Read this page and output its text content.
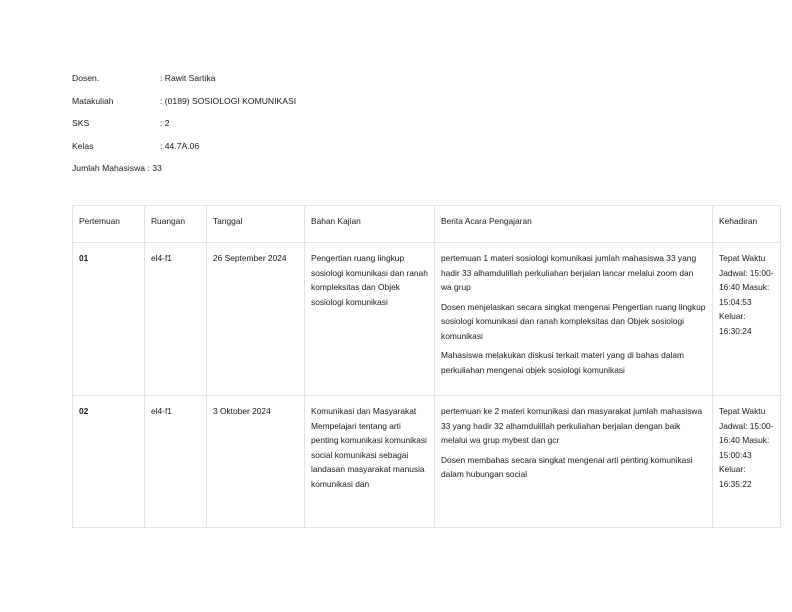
Dosen.	: Rawit Sartika
Matakuliah	: (0189) SOSIOLOGI KOMUNIKASI
SKS	: 2
Kelas	: 44.7A.06
Jumlah Mahasiswa : 33
Pertemuan	Ruangan	Tanggal	Bahan Kajian	Berita Acara Pengajaran	Kehadiran
01	el4-f1	26 September 2024	Pengertian ruang lingkup sosiologi komunikasi dan ranah kompleksitas dan Objek sosiologi komunikasi	pertemuan 1 materi sosiologi komunikasi jumlah mahasiswa 33 yang hadir 33 alhamdulillah perkuliahan berjalan lancar melalui zoom dan wa grup

Dosen menjelaskan secara singkat mengenai Pengertian ruang lingkup sosiologi komunikasi dan ranah kompleksitas dan Objek sosiologi komunikasi

Mahasiswa melakukan diskusi terkait materi yang di bahas dalam perkuliahan mengenai objek sosiologi komunikasi	Tepat Waktu Jadwal: 15:00-16:40 Masuk: 15:04:53 Keluar: 16:30:24
02	el4-f1	3 Oktober 2024	Komunikasi dan Masyarakat Mempelajari tentang arti penting komunikasi komunikasi social komunikasi sebagai landasan masyarakat manusia komunikasi dan	pertemuan ke 2 materi komunikasi dan masyarakat jumlah mahasiswa 33 yang hadir 32 alhamdulillah perkuliahan berjalan dengan baik melalui wa grup mybest dan gcr

Dosen membahas secara singkat mengenai arti penting komunikasi dalam hubungan social	Tepat Waktu Jadwal: 15:00-16:40 Masuk: 15:00:43 Keluar: 16:35:22
